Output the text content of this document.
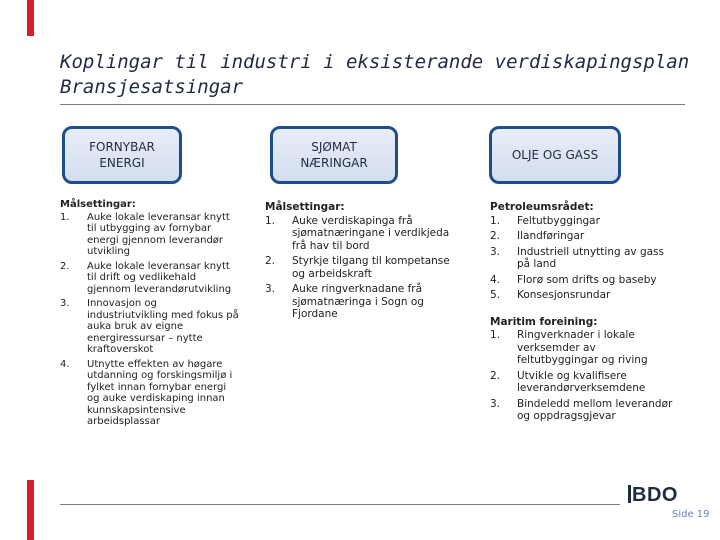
Koplingar til industri i eksisterande verdiskapingsplan
Bransjesatsingar
FORNYBAR
ENERGI
SJØMAT
NÆRINGAR
OLJE OG GASS
Målsettingar:
1. Auke lokale leveransar knytt til utbygging av fornybar energi gjennom leverandør utvikling
2. Auke lokale leveransar knytt til drift og vedlikehald gjennom leverandørutvikling
3. Innovasjon og industriutvikling med fokus på auka bruk av eigne energiressursar – nytte kraftoverskot
4. Utnytte effekten av høgare utdanning og forskingsmiljø i fylket innan fornybar energi og auke verdiskaping innan kunnskapsintensive arbeidsplassar
Målsettingar:
1. Auke verdiskapinga frå sjømatnæringane i verdikjeda frå hav til bord
2. Styrkje tilgang til kompetanse og arbeidskraft
3. Auke ringverknadane frå sjømatnæringa i Sogn og Fjordane
Petroleumsrådet:
1. Feltutbyggingar
2. Ilandføringar
3. Industriell utnytting av gass på land
4. Florø som drifts og baseby
5. Konsesjonsrundar
Maritim foreining:
1. Ringverknader i lokale verksemder av feltutbyggingar og riving
2. Utvikle og kvalifisere leverandørverksemdene
3. Bindeledd mellom leverandør og oppdragsgjevar
BDO
Side 19
